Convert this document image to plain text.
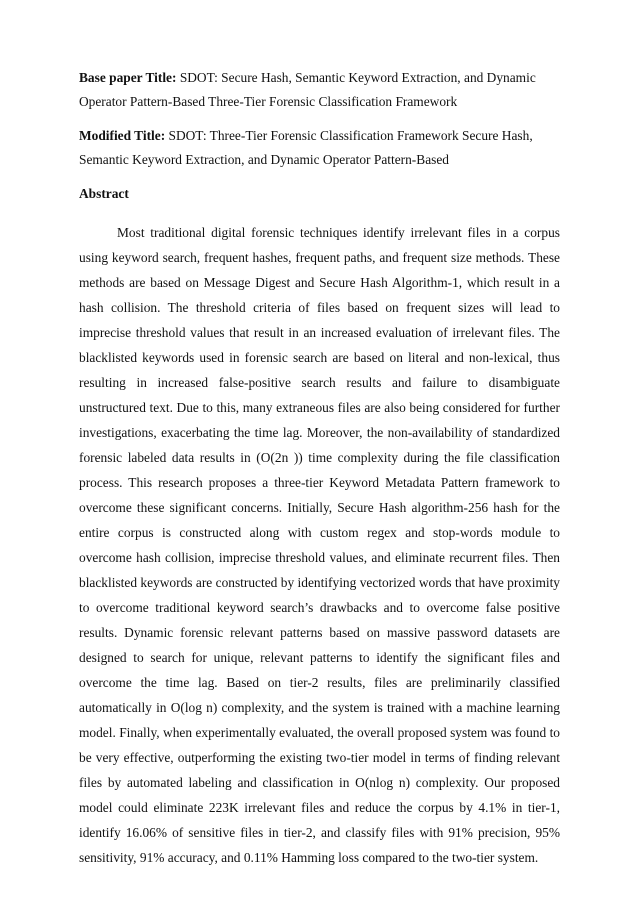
Base paper Title: SDOT: Secure Hash, Semantic Keyword Extraction, and Dynamic Operator Pattern-Based Three-Tier Forensic Classification Framework

Modified Title: SDOT: Three-Tier Forensic Classification Framework Secure Hash, Semantic Keyword Extraction, and Dynamic Operator Pattern-Based

Abstract

Most traditional digital forensic techniques identify irrelevant files in a corpus using keyword search, frequent hashes, frequent paths, and frequent size methods. These methods are based on Message Digest and Secure Hash Algorithm-1, which result in a hash collision. The threshold criteria of files based on frequent sizes will lead to imprecise threshold values that result in an increased evaluation of irrelevant files. The blacklisted keywords used in forensic search are based on literal and non-lexical, thus resulting in increased false-positive search results and failure to disambiguate unstructured text. Due to this, many extraneous files are also being considered for further investigations, exacerbating the time lag. Moreover, the non-availability of standardized forensic labeled data results in (O(2n )) time complexity during the file classification process. This research proposes a three-tier Keyword Metadata Pattern framework to overcome these significant concerns. Initially, Secure Hash algorithm-256 hash for the entire corpus is constructed along with custom regex and stop-words module to overcome hash collision, imprecise threshold values, and eliminate recurrent files. Then blacklisted keywords are constructed by identifying vectorized words that have proximity to overcome traditional keyword search’s drawbacks and to overcome false positive results. Dynamic forensic relevant patterns based on massive password datasets are designed to search for unique, relevant patterns to identify the significant files and overcome the time lag. Based on tier-2 results, files are preliminarily classified automatically in O(log n) complexity, and the system is trained with a machine learning model. Finally, when experimentally evaluated, the overall proposed system was found to be very effective, outperforming the existing two-tier model in terms of finding relevant files by automated labeling and classification in O(nlog n) complexity. Our proposed model could eliminate 223K irrelevant files and reduce the corpus by 4.1% in tier-1, identify 16.06% of sensitive files in tier-2, and classify files with 91% precision, 95% sensitivity, 91% accuracy, and 0.11% Hamming loss compared to the two-tier system.
